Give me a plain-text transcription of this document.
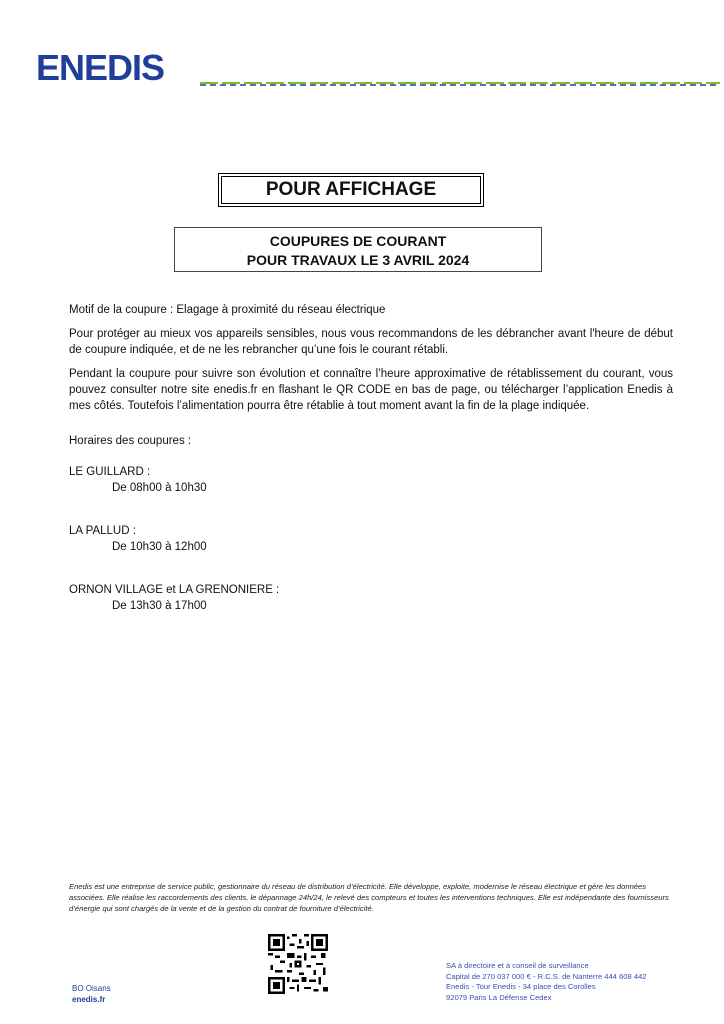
ENEDIS
POUR AFFICHAGE
COUPURES DE COURANT
POUR TRAVAUX LE 3 AVRIL 2024

Motif de la coupure : Elagage à proximité du réseau électrique

Pour protéger au mieux vos appareils sensibles, nous vous recommandons de les débrancher avant l'heure de début de coupure indiquée, et de ne les rebrancher qu’une fois le courant rétabli.

Pendant la coupure pour suivre son évolution et connaître l’heure approximative de rétablissement du courant, vous pouvez consulter notre site enedis.fr en flashant le QR CODE en bas de page, ou télécharger l’application Enedis à mes côtés. Toutefois l’alimentation pourra être rétablie à tout moment avant la fin de la plage indiquée.

Horaires des coupures :
LE GUILLARD :
De 08h00 à 10h30
LA PALLUD :
De 10h30 à 12h00
ORNON VILLAGE et LA GRENONIERE :
De 13h30 à 17h00
Enedis est une entreprise de service public, gestionnaire du réseau de distribution d’électricité. Elle développe, exploite, modernise le réseau électrique et gère les données associées. Elle réalise les raccordements des clients, le dépannage 24h/24, le relevé des compteurs et toutes les interventions techniques. Elle est indépendante des fournisseurs d’énergie qui sont chargés de la vente et de la gestion du contrat de fourniture d’électricité.
BO Oisans
enedis.fr
SA à directoire et à conseil de surveillance
Capital de 270 037 000 € - R.C.S. de Nanterre 444 608 442
Enedis - Tour Enedis - 34 place des Corolles
92079 Paris La Défense Cedex
